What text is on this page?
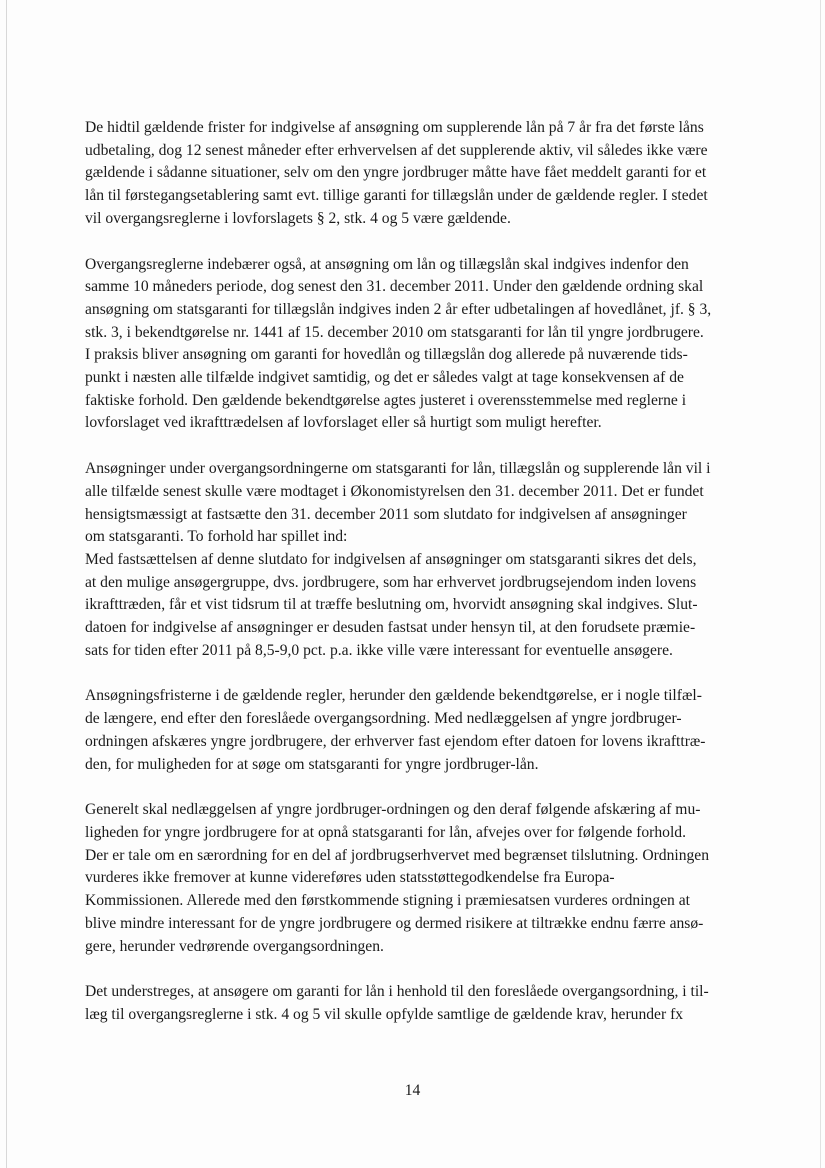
De hidtil gældende frister for indgivelse af ansøgning om supplerende lån på 7 år fra det første låns
udbetaling, dog 12 senest måneder efter erhvervelsen af det supplerende aktiv, vil således ikke være
gældende i sådanne situationer, selv om den yngre jordbruger måtte have fået meddelt garanti for et
lån til førstegangsetablering samt evt. tillige garanti for tillægslån under de gældende regler. I stedet
vil overgangsreglerne i lovforslagets § 2, stk. 4 og 5 være gældende.

Overgangsreglerne indebærer også, at ansøgning om lån og tillægslån skal indgives indenfor den
samme 10 måneders periode, dog senest den 31. december 2011. Under den gældende ordning skal
ansøgning om statsgaranti for tillægslån indgives inden 2 år efter udbetalingen af hovedlånet, jf. § 3,
stk. 3, i bekendtgørelse nr. 1441 af 15. december 2010 om statsgaranti for lån til yngre jordbrugere.
I praksis bliver ansøgning om garanti for hovedlån og tillægslån dog allerede på nuværende tids-
punkt i næsten alle tilfælde indgivet samtidig, og det er således valgt at tage konsekvensen af de
faktiske forhold. Den gældende bekendtgørelse agtes justeret i overensstemmelse med reglerne i
lovforslaget ved ikrafttrædelsen af lovforslaget eller så hurtigt som muligt herefter.

Ansøgninger under overgangsordningerne om statsgaranti for lån, tillægslån og supplerende lån vil i
alle tilfælde senest skulle være modtaget i Økonomistyrelsen den 31. december 2011. Det er fundet
hensigtsmæssigt at fastsætte den 31. december 2011 som slutdato for indgivelsen af ansøgninger
om statsgaranti. To forhold har spillet ind:
Med fastsættelsen af denne slutdato for indgivelsen af ansøgninger om statsgaranti sikres det dels,
at den mulige ansøgergruppe, dvs. jordbrugere, som har erhvervet jordbrugsejendom inden lovens
ikrafttræden, får et vist tidsrum til at træffe beslutning om, hvorvidt ansøgning skal indgives. Slut-
datoen for indgivelse af ansøgninger er desuden fastsat under hensyn til, at den forudsete præmie-
sats for tiden efter 2011 på 8,5-9,0 pct. p.a. ikke ville være interessant for eventuelle ansøgere.

Ansøgningsfristerne i de gældende regler, herunder den gældende bekendtgørelse, er i nogle tilfæl-
de længere, end efter den foreslåede overgangsordning. Med nedlæggelsen af yngre jordbruger-
ordningen afskæres yngre jordbrugere, der erhverver fast ejendom efter datoen for lovens ikrafttræ-
den, for muligheden for at søge om statsgaranti for yngre jordbruger-lån.

Generelt skal nedlæggelsen af yngre jordbruger-ordningen og den deraf følgende afskæring af mu-
ligheden for yngre jordbrugere for at opnå statsgaranti for lån, afvejes over for følgende forhold.
Der er tale om en særordning for en del af jordbrugserhvervet med begrænset tilslutning. Ordningen
vurderes ikke fremover at kunne videreføres uden statsstøttegodkendelse fra Europa-
Kommissionen. Allerede med den førstkommende stigning i præmiesatsen vurderes ordningen at
blive mindre interessant for de yngre jordbrugere og dermed risikere at tiltrække endnu færre ansø-
gere, herunder vedrørende overgangsordningen.

Det understreges, at ansøgere om garanti for lån i henhold til den foreslåede overgangsordning, i til-
læg til overgangsreglerne i stk. 4 og 5 vil skulle opfylde samtlige de gældende krav, herunder fx

14
